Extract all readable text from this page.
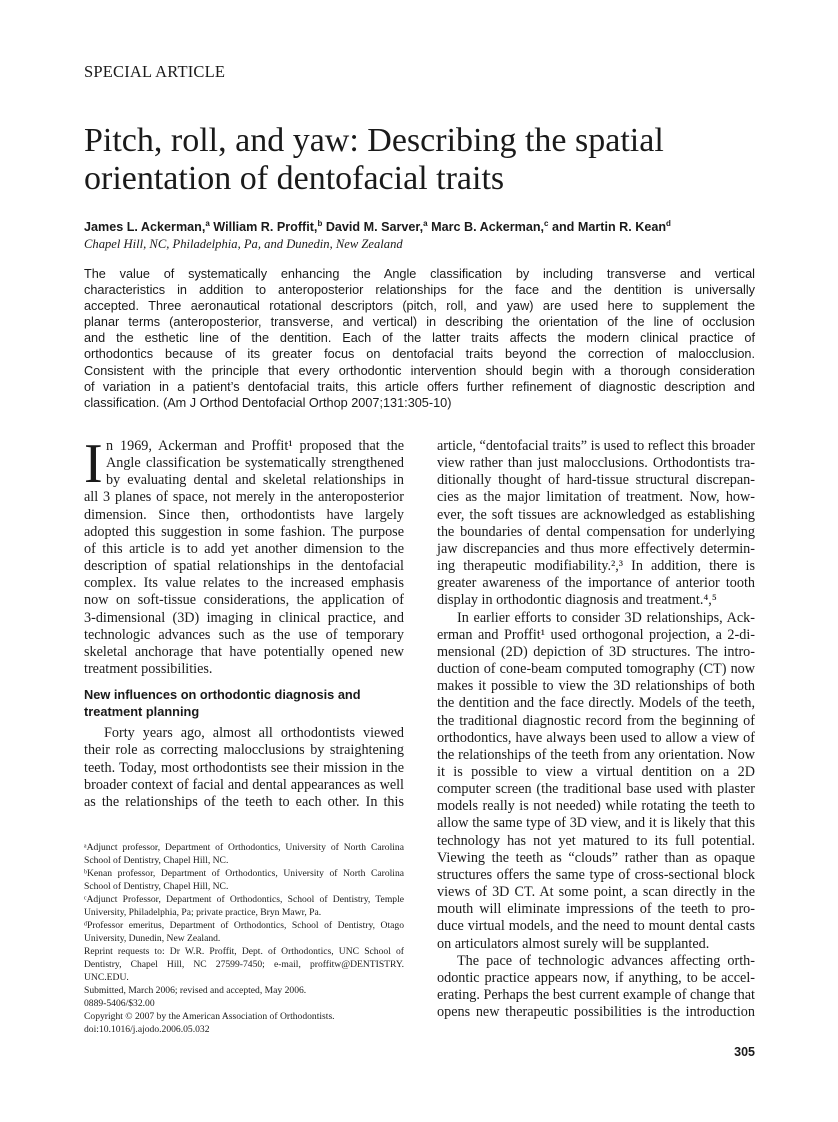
SPECIAL ARTICLE
Pitch, roll, and yaw: Describing the spatial
orientation of dentofacial traits
James L. Ackerman,$^a$ William R. Proffit,$^b$ David M. Sarver,$^a$ Marc B. Ackerman,$^c$ and Martin R. Kean$^d$
Chapel Hill, NC, Philadelphia, Pa, and Dunedin, New Zealand
The value of systematically enhancing the Angle classification by including transverse and vertical
characteristics in addition to anteroposterior relationships for the face and the dentition is universally
accepted. Three aeronautical rotational descriptors (pitch, roll, and yaw) are used here to supplement the
planar terms (anteroposterior, transverse, and vertical) in describing the orientation of the line of occlusion
and the esthetic line of the dentition. Each of the latter traits affects the modern clinical practice of
orthodontics because of its greater focus on dentofacial traits beyond the correction of malocclusion.
Consistent with the principle that every orthodontic intervention should begin with a thorough consideration
of variation in a patient’s dentofacial traits, this article offers further refinement of diagnostic description and
classification. (Am J Orthod Dentofacial Orthop 2007;131:305-10)
I n 1969, Ackerman and Proffit¹ proposed that the
Angle classification be systematically strengthened
by evaluating dental and skeletal relationships in
all 3 planes of space, not merely in the anteroposterior
dimension. Since then, orthodontists have largely
adopted this suggestion in some fashion. The purpose
of this article is to add yet another dimension to the
description of spatial relationships in the dentofacial
complex. Its value relates to the increased emphasis
now on soft-tissue considerations, the application of
3-dimensional (3D) imaging in clinical practice, and
technologic advances such as the use of temporary
skeletal anchorage that have potentially opened new
treatment possibilities.
New influences on orthodontic diagnosis and
treatment planning
Forty years ago, almost all orthodontists viewed
their role as correcting malocclusions by straightening
teeth. Today, most orthodontists see their mission in the
broader context of facial and dental appearances as well
as the relationships of the teeth to each other. In this
article, “dentofacial traits” is used to reflect this broader
view rather than just malocclusions. Orthodontists tra-
ditionally thought of hard-tissue structural discrepan-
cies as the major limitation of treatment. Now, how-
ever, the soft tissues are acknowledged as establishing
the boundaries of dental compensation for underlying
jaw discrepancies and thus more effectively determin-
ing therapeutic modifiability.²,³ In addition, there is
greater awareness of the importance of anterior tooth
display in orthodontic diagnosis and treatment.⁴,⁵
In earlier efforts to consider 3D relationships, Ack-
erman and Proffit¹ used orthogonal projection, a 2-di-
mensional (2D) depiction of 3D structures. The intro-
duction of cone-beam computed tomography (CT) now
makes it possible to view the 3D relationships of both
the dentition and the face directly. Models of the teeth,
the traditional diagnostic record from the beginning of
orthodontics, have always been used to allow a view of
the relationships of the teeth from any orientation. Now
it is possible to view a virtual dentition on a 2D
computer screen (the traditional base used with plaster
models really is not needed) while rotating the teeth to
allow the same type of 3D view, and it is likely that this
technology has not yet matured to its full potential.
Viewing the teeth as “clouds” rather than as opaque
structures offers the same type of cross-sectional block
views of 3D CT. At some point, a scan directly in the
mouth will eliminate impressions of the teeth to pro-
duce virtual models, and the need to mount dental casts
on articulators almost surely will be supplanted.
The pace of technologic advances affecting orth-
odontic practice appears now, if anything, to be accel-
erating. Perhaps the best current example of change that
opens new therapeutic possibilities is the introduction
ᵃAdjunct professor, Department of Orthodontics, University of North Carolina
School of Dentistry, Chapel Hill, NC.
ᵇKenan professor, Department of Orthodontics, University of North Carolina
School of Dentistry, Chapel Hill, NC.
ᶜAdjunct Professor, Department of Orthodontics, School of Dentistry, Temple
University, Philadelphia, Pa; private practice, Bryn Mawr, Pa.
ᵈProfessor emeritus, Department of Orthodontics, School of Dentistry, Otago
University, Dunedin, New Zealand.
Reprint requests to: Dr W.R. Proffit, Dept. of Orthodontics, UNC School of
Dentistry, Chapel Hill, NC 27599-7450; e-mail, proffitw@DENTISTRY.
UNC.EDU.
Submitted, March 2006; revised and accepted, May 2006.
0889-5406/$32.00
Copyright © 2007 by the American Association of Orthodontists.
doi:10.1016/j.ajodo.2006.05.032
305
